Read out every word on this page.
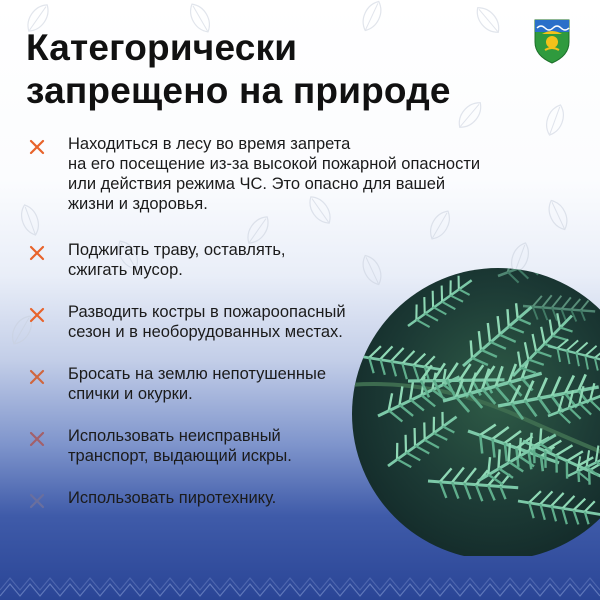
Категорически
запрещено на природе
Находиться в лесу во время запрета
на его посещение из-за высокой пожарной опасности
или действия режима ЧС. Это опасно для вашей
жизни и здоровья.
Поджигать траву, оставлять,
сжигать мусор.
Разводить костры в пожароопасный
сезон и в необорудованных местах.
Бросать на землю непотушенные
спички и окурки.
Использовать неисправный
транспорт, выдающий искры.
Использовать пиротехнику.
